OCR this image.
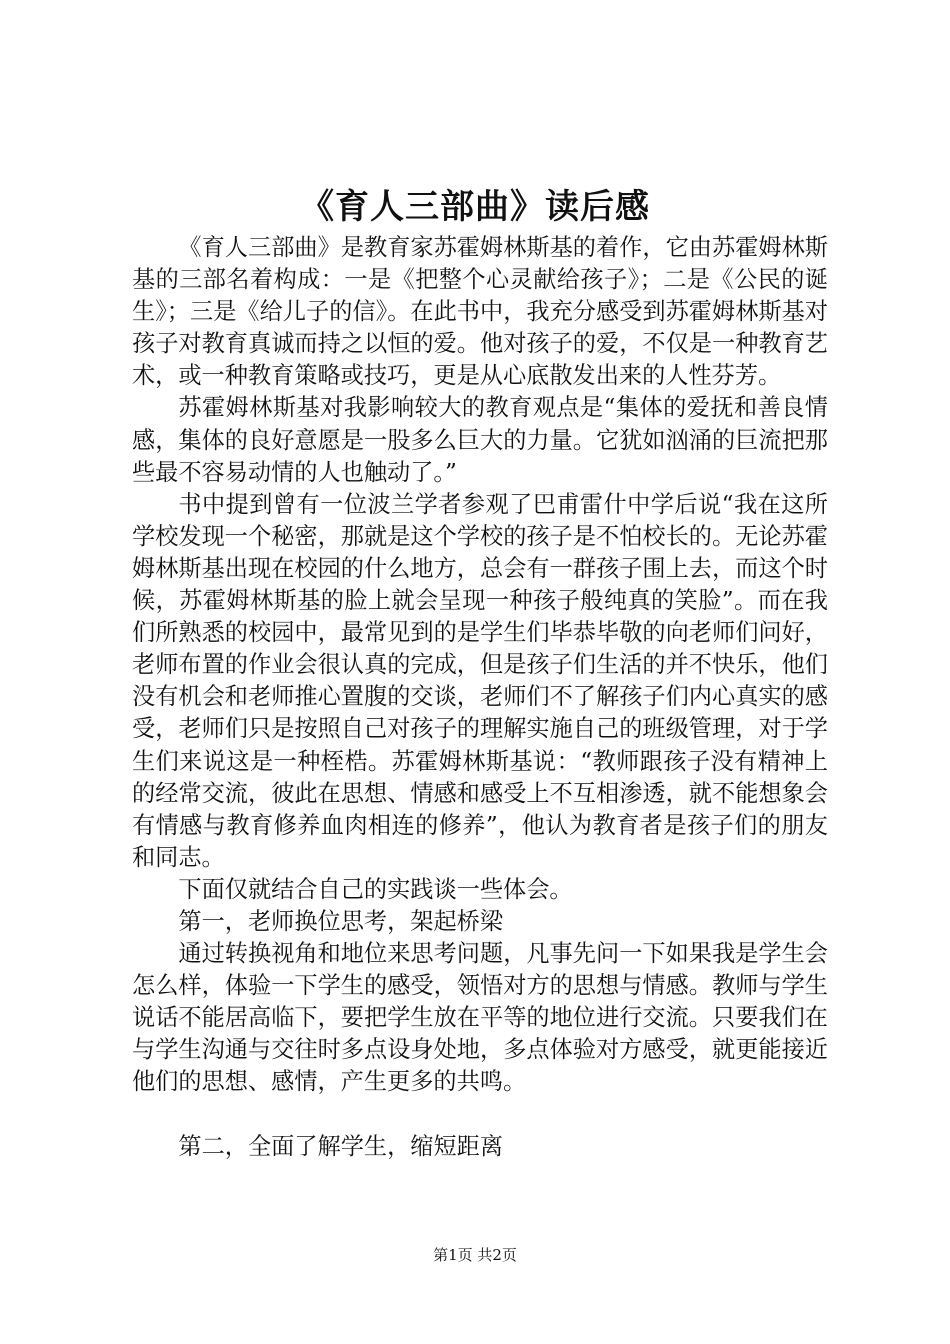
《育人三部曲》读后感

《育人三部曲》是教育家苏霍姆林斯基的着作，它由苏霍姆林斯基的三部名着构成：一是《把整个心灵献给孩子》；二是《公民的诞生》；三是《给儿子的信》。在此书中，我充分感受到苏霍姆林斯基对孩子对教育真诚而持之以恒的爱。他对孩子的爱，不仅是一种教育艺术，或一种教育策略或技巧，更是从心底散发出来的人性芬芳。

苏霍姆林斯基对我影响较大的教育观点是“集体的爱抚和善良情感，集体的良好意愿是一股多么巨大的力量。它犹如汹涌的巨流把那些最不容易动情的人也触动了。”

书中提到曾有一位波兰学者参观了巴甫雷什中学后说“我在这所学校发现一个秘密，那就是这个学校的孩子是不怕校长的。无论苏霍姆林斯基出现在校园的什么地方，总会有一群孩子围上去，而这个时候，苏霍姆林斯基的脸上就会呈现一种孩子般纯真的笑脸”。而在我们所熟悉的校园中，最常见到的是学生们毕恭毕敬的向老师们问好，老师布置的作业会很认真的完成，但是孩子们生活的并不快乐，他们没有机会和老师推心置腹的交谈，老师们不了解孩子们内心真实的感受，老师们只是按照自己对孩子的理解实施自己的班级管理，对于学生们来说这是一种桎梏。苏霍姆林斯基说：“教师跟孩子没有精神上的经常交流，彼此在思想、情感和感受上不互相渗透，就不能想象会有情感与教育修养血肉相连的修养”，他认为教育者是孩子们的朋友和同志。

下面仅就结合自己的实践谈一些体会。

第一，老师换位思考，架起桥梁

通过转换视角和地位来思考问题，凡事先问一下如果我是学生会怎么样，体验一下学生的感受，领悟对方的思想与情感。教师与学生说话不能居高临下，要把学生放在平等的地位进行交流。只要我们在与学生沟通与交往时多点设身处地，多点体验对方感受，就更能接近他们的思想、感情，产生更多的共鸣。

第二，全面了解学生，缩短距离

第1页 共2页
